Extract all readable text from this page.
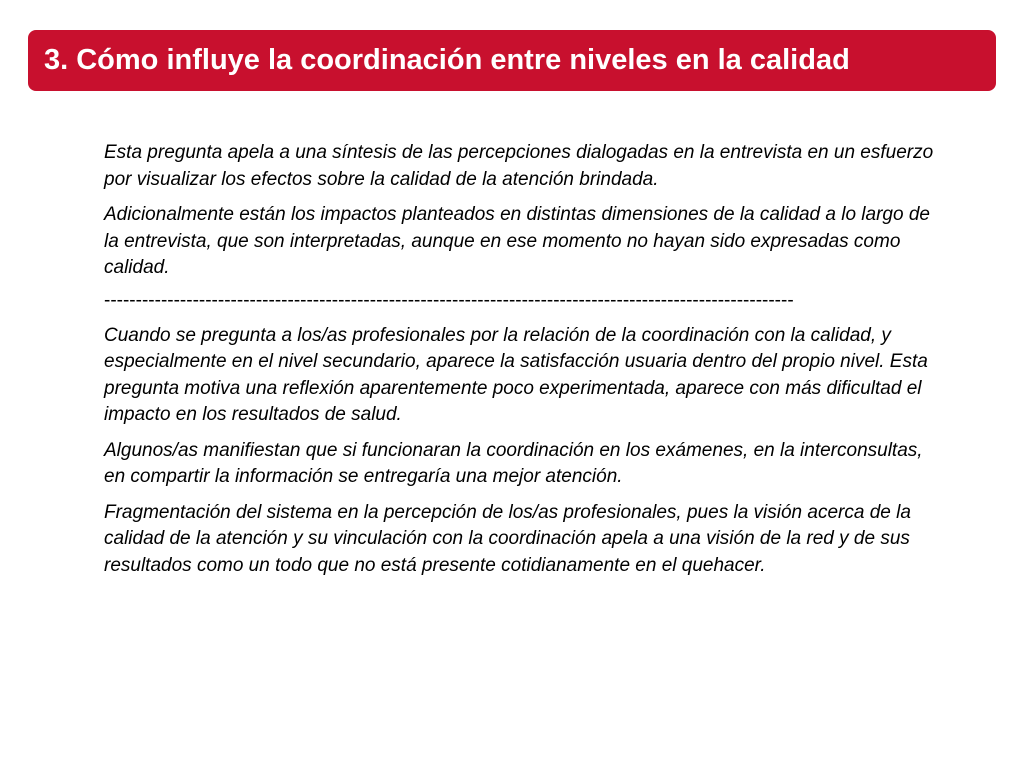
3. Cómo influye la coordinación entre niveles en la calidad

Esta pregunta apela a una síntesis de las percepciones dialogadas en la entrevista en un esfuerzo por visualizar los efectos sobre la calidad de la atención brindada.

Adicionalmente están los impactos planteados en distintas dimensiones de la calidad a lo largo de la entrevista, que son interpretadas, aunque en ese momento no hayan sido expresadas como calidad.

-------------------------------------------------------------------------------------------------------------

Cuando se pregunta a los/as profesionales por la relación de la coordinación con la calidad, y especialmente en el nivel secundario, aparece la satisfacción usuaria dentro del propio nivel. Esta pregunta motiva una reflexión aparentemente poco experimentada, aparece con más dificultad el impacto en los resultados de salud.

Algunos/as manifiestan que si funcionaran la coordinación en los exámenes, en la interconsultas, en compartir la información se entregaría una mejor atención.

Fragmentación del sistema en la percepción de los/as profesionales, pues la visión acerca de la calidad de la atención y su vinculación con la coordinación apela a una visión de la red y de sus resultados como un todo que no está presente cotidianamente en el quehacer.
